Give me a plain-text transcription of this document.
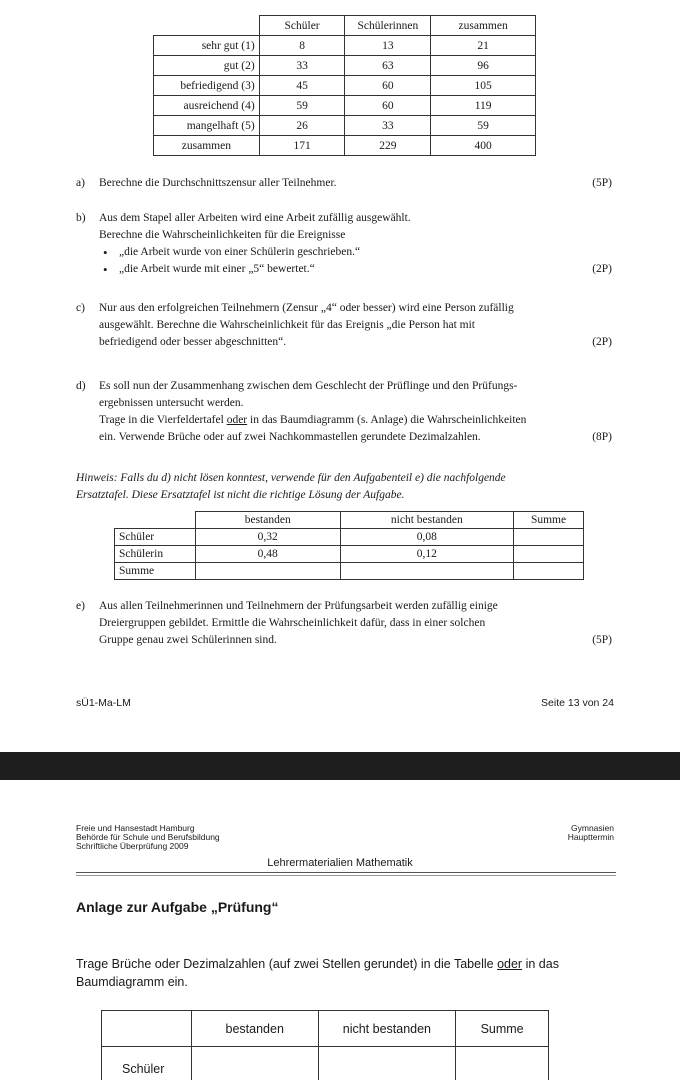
	Schüler	Schülerinnen	zusammen
sehr gut (1)	8	13	21
gut (2)	33	63	96
befriedigend (3)	45	60	105
ausreichend (4)	59	60	119
mangelhaft (5)	26	33	59
zusammen	171	229	400
a)	Berechne die Durchschnittszensur aller Teilnehmer.	(5P)
b)	Aus dem Stapel aller Arbeiten wird eine Arbeit zufällig ausgewählt.
Berechne die Wahrscheinlichkeiten für die Ereignisse
• „die Arbeit wurde von einer Schülerin geschrieben.“
• „die Arbeit wurde mit einer „5“ bewertet.“	(2P)
c)	Nur aus den erfolgreichen Teilnehmern (Zensur „4“ oder besser) wird eine Person zufällig
ausgewählt. Berechne die Wahrscheinlichkeit für das Ereignis „die Person hat mit
befriedigend oder besser abgeschnitten“.	(2P)
d)	Es soll nun der Zusammenhang zwischen dem Geschlecht der Prüflinge und den Prüfungs-
ergebnissen untersucht werden.
Trage in die Vierfeldertafel oder in das Baumdiagramm (s. Anlage) die Wahrscheinlichkeiten
ein. Verwende Brüche oder auf zwei Nachkommastellen gerundete Dezimalzahlen.	(8P)
Hinweis: Falls du d) nicht lösen konntest, verwende für den Aufgabenteil e) die nachfolgende
Ersatztafel. Diese Ersatztafel ist nicht die richtige Lösung der Aufgabe.
	bestanden	nicht bestanden	Summe
Schüler	0,32	0,08	
Schülerin	0,48	0,12	
Summe			
e)	Aus allen Teilnehmerinnen und Teilnehmern der Prüfungsarbeit werden zufällig einige
Dreiergruppen gebildet. Ermittle die Wahrscheinlichkeit dafür, dass in einer solchen
Gruppe genau zwei Schülerinnen sind.	(5P)
sÜ1-Ma-LM	Seite 13 von 24
Freie und Hansestadt Hamburg
Behörde für Schule und Berufsbildung
Schriftliche Überprüfung 2009
Gymnasien
Haupttermin
Lehrermaterialien Mathematik
Anlage zur Aufgabe „Prüfung“
Trage Brüche oder Dezimalzahlen (auf zwei Stellen gerundet) in die Tabelle oder in das Baumdiagramm ein.
	bestanden	nicht bestanden	Summe
Schüler			
